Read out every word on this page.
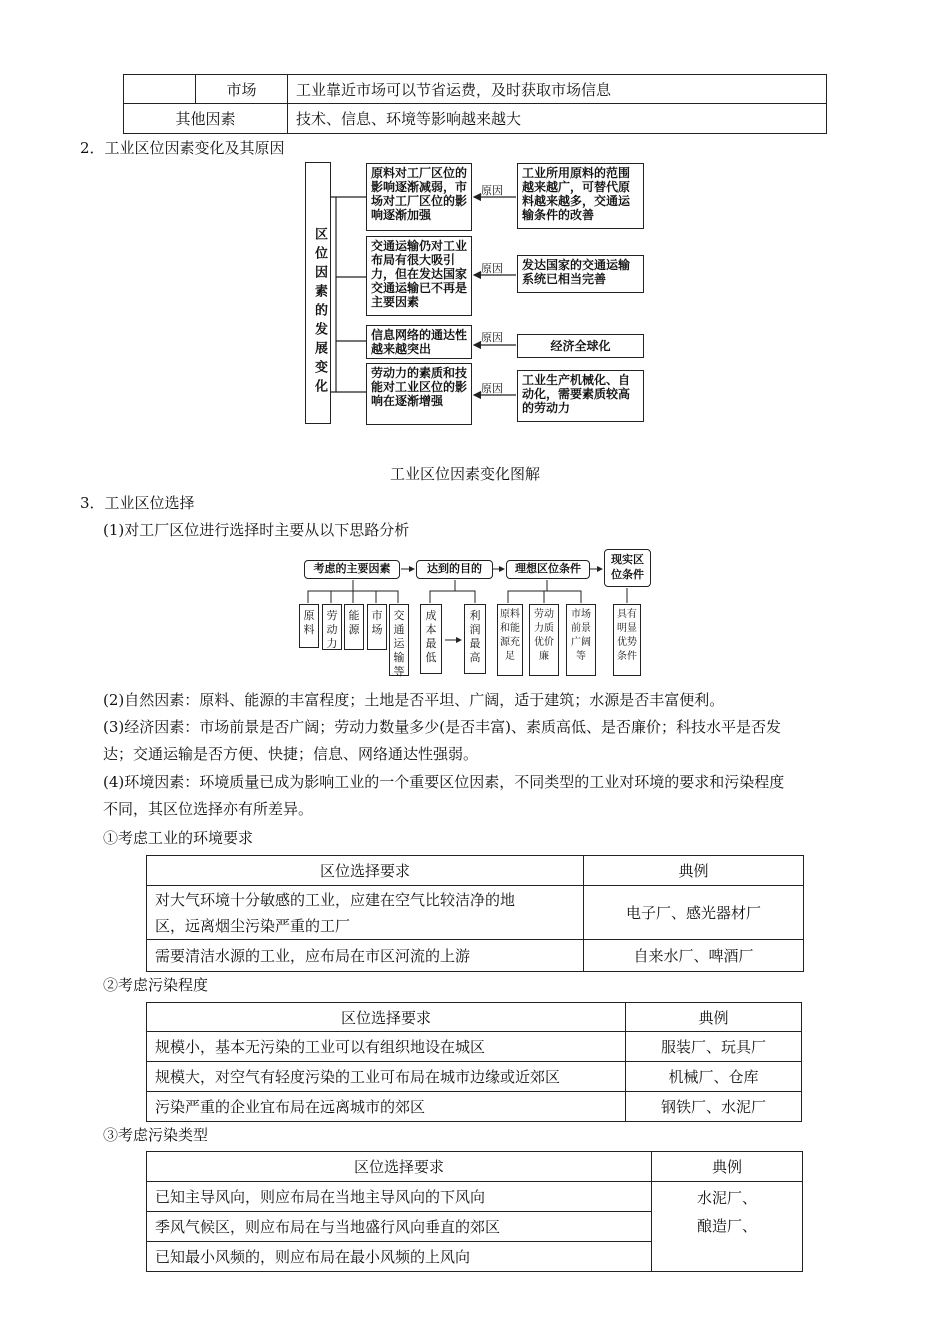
	市场	工业靠近市场可以节省运费，及时获取市场信息
其他因素		技术、信息、环境等影响越来越大
2．工业区位因素变化及其原因
区位因素的发展变化
原料对工厂区位的影响逐渐减弱，市场对工厂区位的影响逐渐加强
交通运输仍对工业布局有很大吸引力，但在发达国家交通运输已不再是主要因素
信息网络的通达性越来越突出
劳动力的素质和技能对工业区位的影响在逐渐增强
原因
原因
原因
原因
工业所用原料的范围越来越广，可替代原料越来越多，交通运输条件的改善
发达国家的交通运输系统已相当完善
经济全球化
工业生产机械化、自动化，需要素质较高的劳动力
工业区位因素变化图解
3．工业区位选择
(1)对工厂区位进行选择时主要从以下思路分析
考虑的主要因素	达到的目的	理想区位条件
现实区位条件
原料
劳动力
能源
市场
交通运输等
成本最低
利润最高
原料和能源充足
劳动力质优价廉
市场前景广阔等
具有明显优势条件
(2)自然因素：原料、能源的丰富程度；土地是否平坦、广阔，适于建筑；水源是否丰富便利。
(3)经济因素：市场前景是否广阔；劳动力数量多少(是否丰富)、素质高低、是否廉价；科技水平是否发
达；交通运输是否方便、快捷；信息、网络通达性强弱。
(4)环境因素：环境质量已成为影响工业的一个重要区位因素，不同类型的工业对环境的要求和污染程度
不同，其区位选择亦有所差异。
①考虑工业的环境要求
区位选择要求	典例

对大气环境十分敏感的工业，应建在空气比较洁净的地
区，远离烟尘污染严重的工厂	电子厂、感光器材厂
需要清洁水源的工业，应布局在市区河流的上游	自来水厂、啤酒厂
②考虑污染程度
区位选择要求	典例
规模小，基本无污染的工业可以有组织地设在城区	服装厂、玩具厂
规模大，对空气有轻度污染的工业可布局在城市边缘或近郊区	机械厂、仓库
污染严重的企业宜布局在远离城市的郊区	钢铁厂、水泥厂
③考虑污染类型
区位选择要求	典例
已知主导风向，则应布局在当地主导风向的下风向	水泥厂、
酿造厂、

季风气候区，则应布局在与当地盛行风向垂直的郊区	
已知最小风频的，则应布局在最小风频的上风向	
